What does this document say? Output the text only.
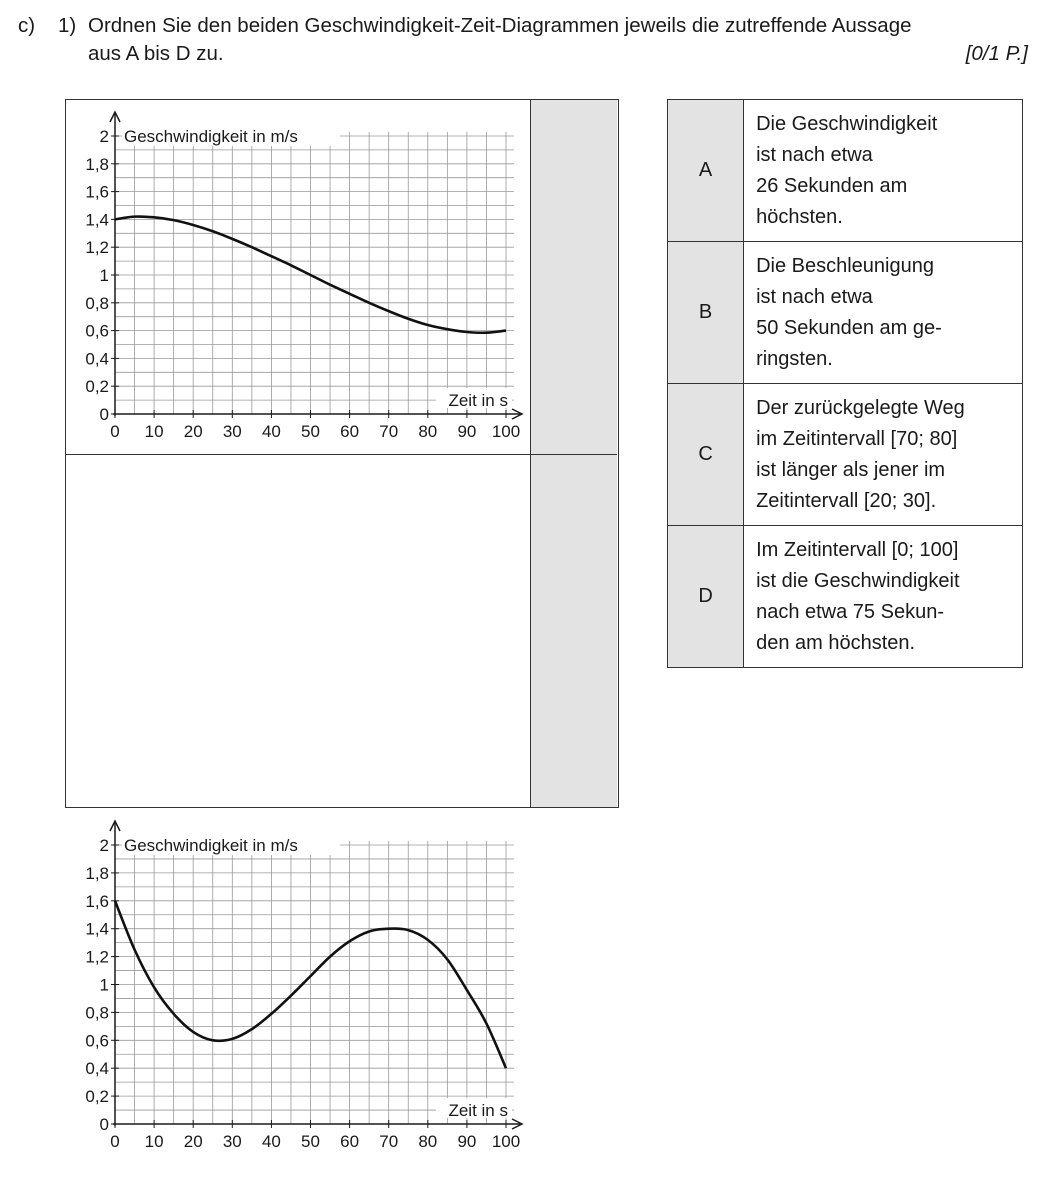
c) 1) Ordnen Sie den beiden Geschwindigkeit-Zeit-Diagrammen jeweils die zutreffende Aussage
aus A bis D zu.	[0/1 P.]
0 10 20 30 40 50 60 70 80 90 100
0
0,2
0,4
0,6
0,8
1
1,2
1,4
1,6
1,8
2 Geschwindigkeit in m/s
Zeit in s
0 10 20 30 40 50 60 70 80 90 100
0
0,2
0,4
0,6
0,8
1
1,2
1,4
1,6
1,8
2 Geschwindigkeit in m/s
Zeit in s
A	Die Geschwindigkeit
ist nach etwa
26 Sekunden am
höchsten.

B	Die Beschleunigung
ist nach etwa
50 Sekunden am ge-
ringsten.

C	Der zurückgelegte Weg
im Zeitintervall [70; 80]
ist länger als jener im
Zeitintervall [20; 30].

D	Im Zeitintervall [0; 100]
ist die Geschwindigkeit
nach etwa 75 Sekun-
den am höchsten.
